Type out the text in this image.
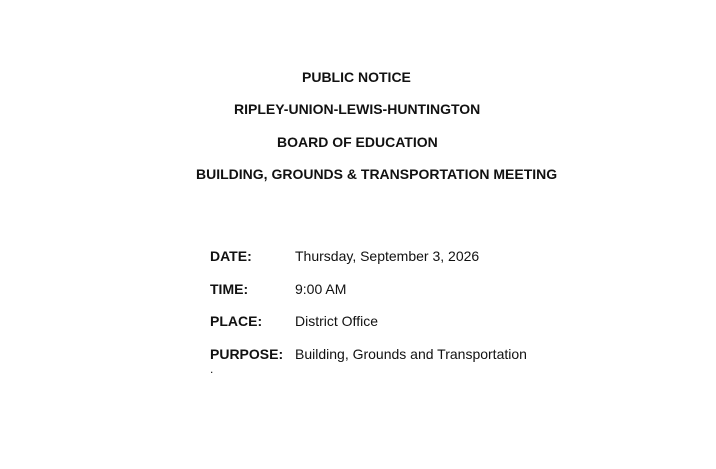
PUBLIC NOTICE
RIPLEY-UNION-LEWIS-HUNTINGTON
BOARD OF EDUCATION
BUILDING, GROUNDS & TRANSPORTATION MEETING
DATE:	Thursday, September 3, 2026
TIME:	9:00 AM
PLACE: District Office
PURPOSE: Building, Grounds and Transportation
.
